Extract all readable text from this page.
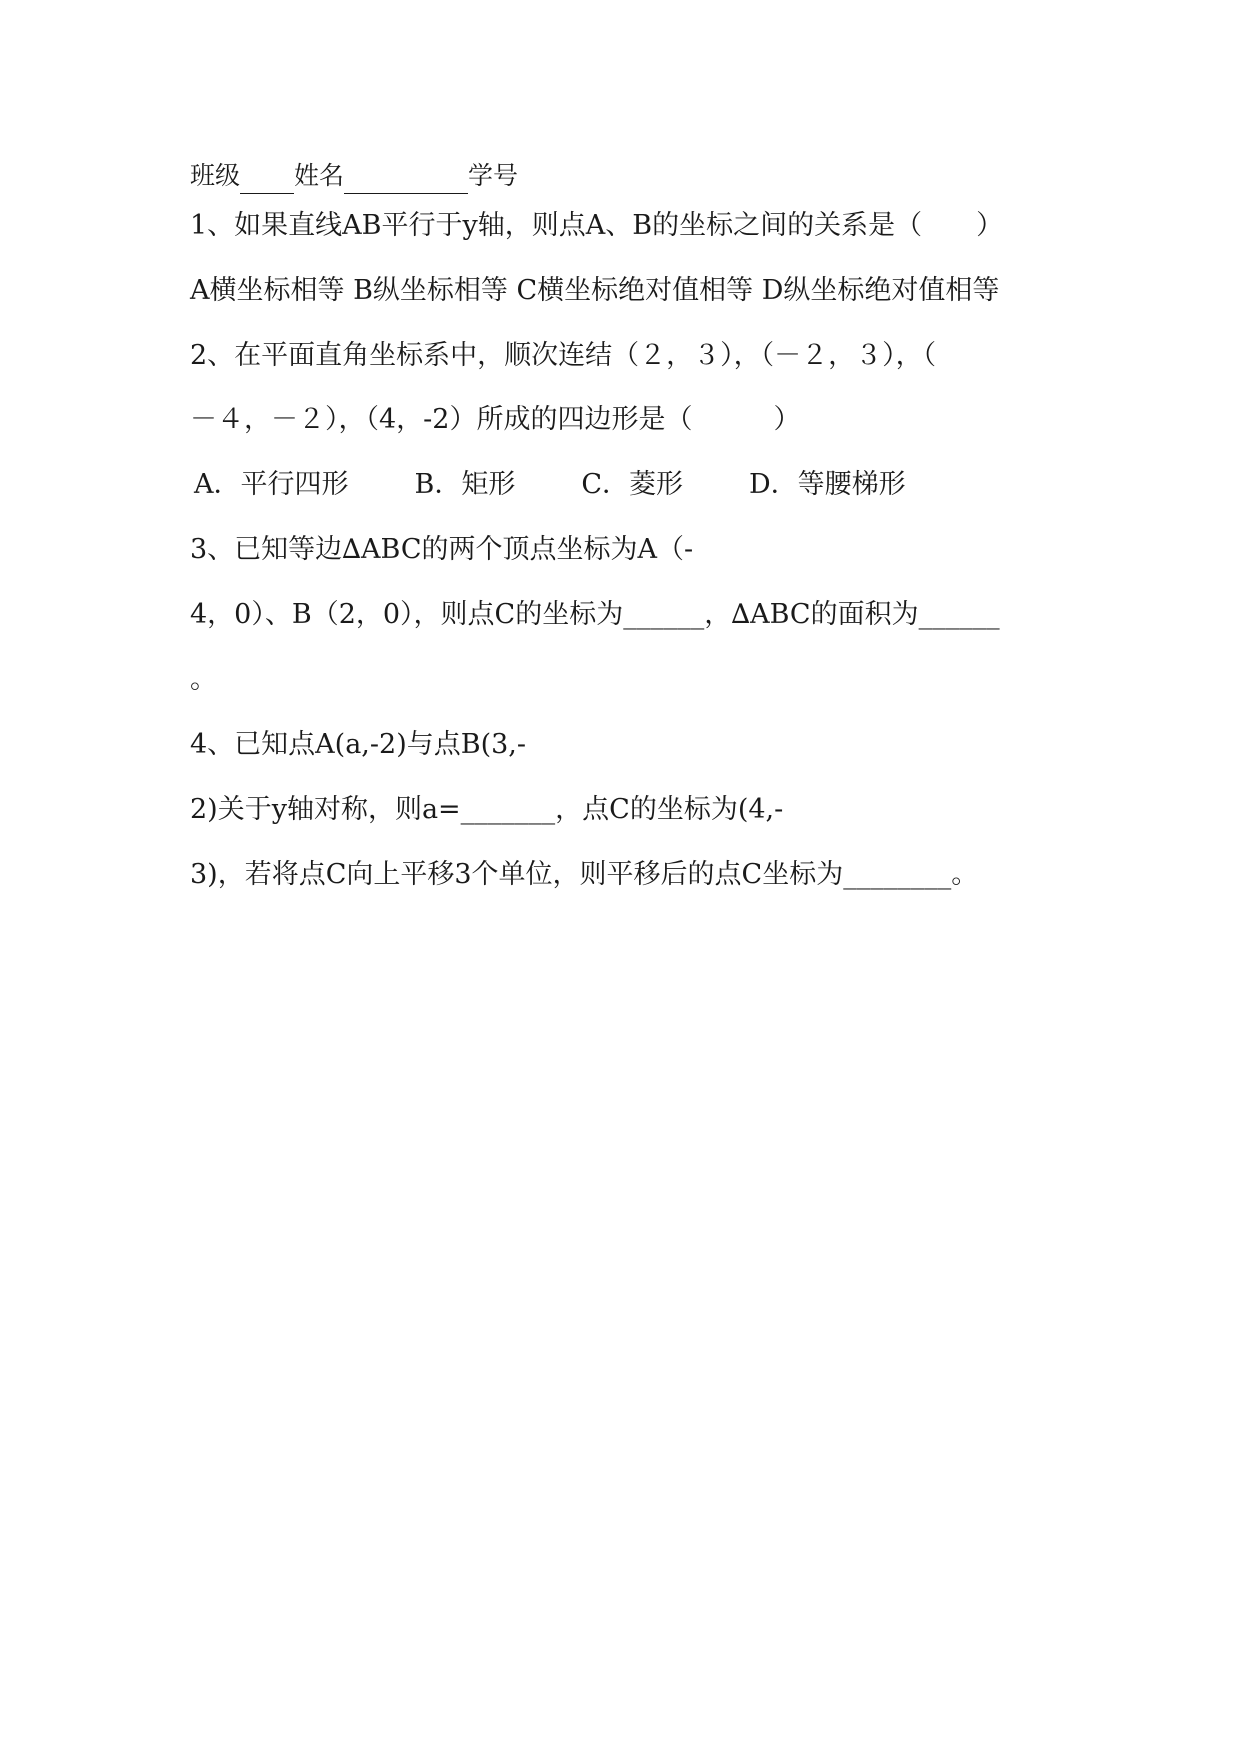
班级 姓名	学号
1、如果直线AB平行于y轴，则点A、B的坐标之间的关系是（　　）
A横坐标相等 B纵坐标相等 C横坐标绝对值相等 D纵坐标绝对值相等
2、在平面直角坐标系中，顺次连结（２，３），（－２，３），（
－４，－２），（4，-2）所成的四边形是（　　　）
A．平行四形 B．矩形 C．菱形 D．等腰梯形
3、已知等边∆ABC的两个顶点坐标为A（-
4，0）、B（2，0），则点C的坐标为______，∆ABC的面积为______
。
4、已知点A(a,-2)与点B(3,-
2)关于y轴对称，则a=_______，点C的坐标为(4,-
3)，若将点C向上平移3个单位，则平移后的点C坐标为________。
